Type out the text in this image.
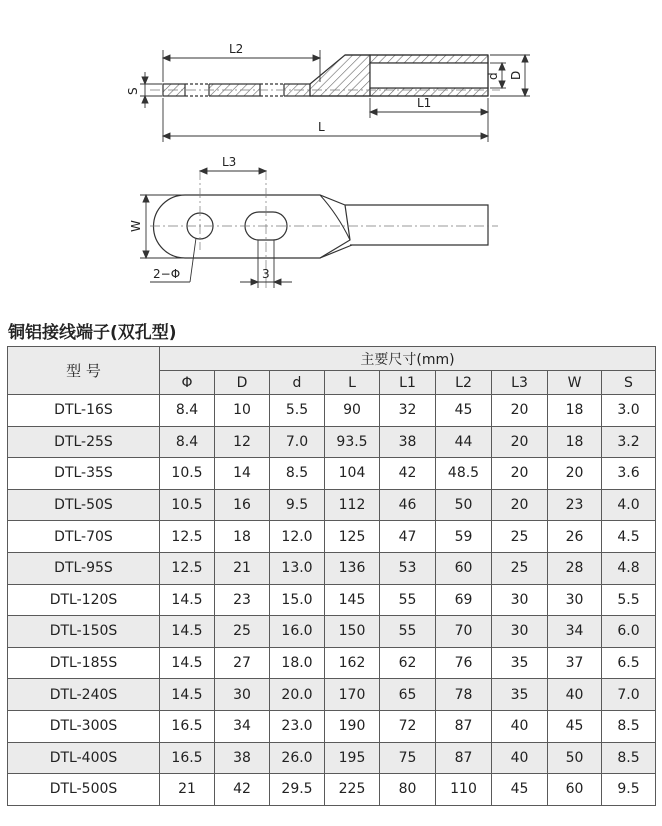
L2
L
L1
S
d D
L3
W
2−Φ	3
铜铝接线端子(双孔型)
型 号	主要尺寸(mm)								
	Φ	D	d	L	L1	L2	L3	W	S
DTL-16S	8.4	10	5.5	90	32	45	20	18	3.0
DTL-25S	8.4	12	7.0	93.5	38	44	20	18	3.2
DTL-35S	10.5	14	8.5	104	42	48.5	20	20	3.6
DTL-50S	10.5	16	9.5	112	46	50	20	23	4.0
DTL-70S	12.5	18	12.0	125	47	59	25	26	4.5
DTL-95S	12.5	21	13.0	136	53	60	25	28	4.8
DTL-120S	14.5	23	15.0	145	55	69	30	30	5.5
DTL-150S	14.5	25	16.0	150	55	70	30	34	6.0
DTL-185S	14.5	27	18.0	162	62	76	35	37	6.5
DTL-240S	14.5	30	20.0	170	65	78	35	40	7.0
DTL-300S	16.5	34	23.0	190	72	87	40	45	8.5
DTL-400S	16.5	38	26.0	195	75	87	40	50	8.5
DTL-500S	21	42	29.5	225	80	110	45	60	9.5
